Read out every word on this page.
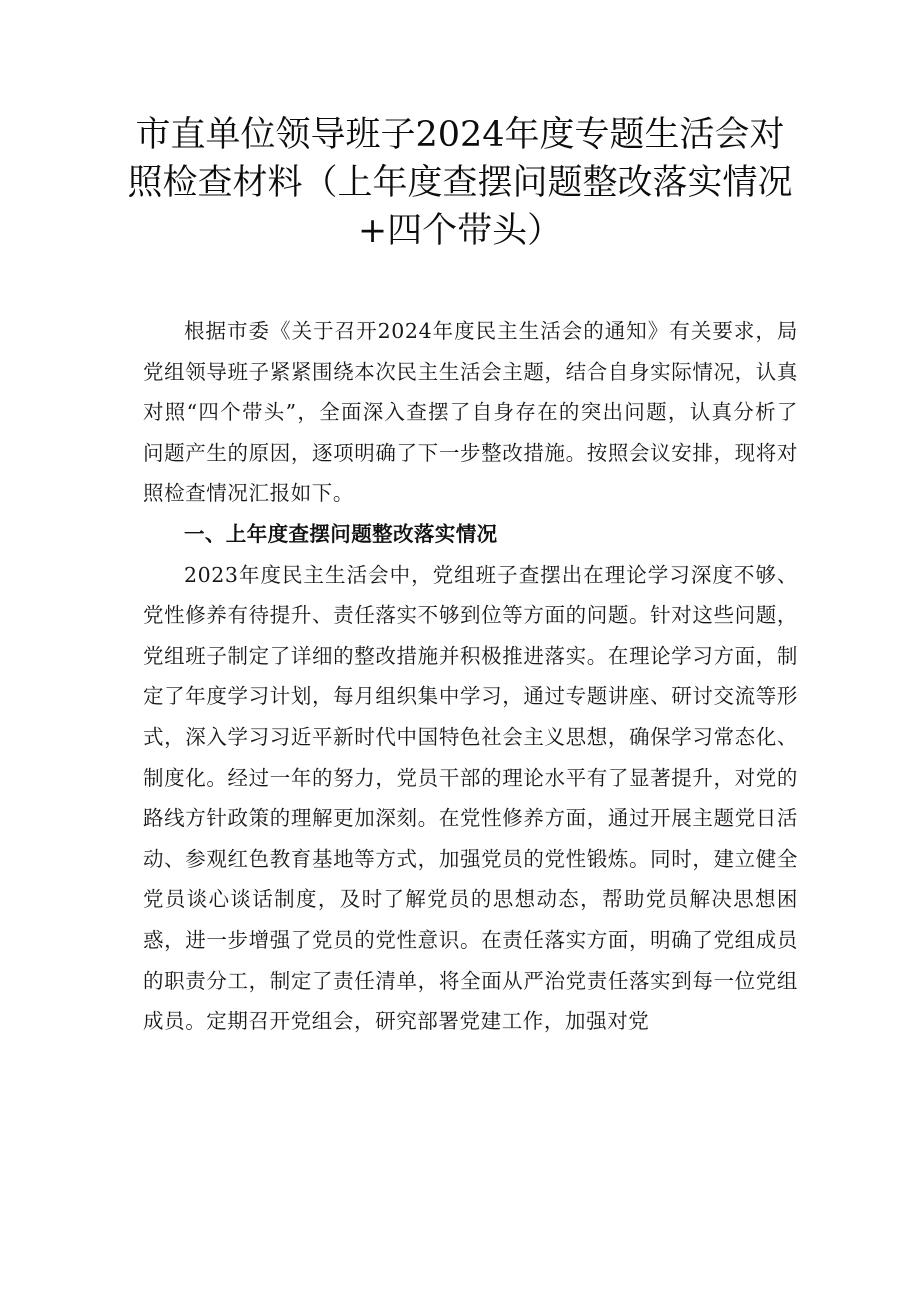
市直单位领导班子2024年度专题生活会对
照检查材料（上年度查摆问题整改落实情况
+四个带头）

根据市委《关于召开2024年度民主生活会的通知》有关要求，局党组领导班子紧紧围绕本次民主生活会主题，结合自身实际情况，认真对照“四个带头”，全面深入查摆了自身存在的突出问题，认真分析了问题产生的原因，逐项明确了下一步整改措施。按照会议安排，现将对照检查情况汇报如下。

一、上年度查摆问题整改落实情况

2023年度民主生活会中，党组班子查摆出在理论学习深度不够、党性修养有待提升、责任落实不够到位等方面的问题。针对这些问题，党组班子制定了详细的整改措施并积极推进落实。在理论学习方面，制定了年度学习计划，每月组织集中学习，通过专题讲座、研讨交流等形式，深入学习习近平新时代中国特色社会主义思想，确保学习常态化、制度化。经过一年的努力，党员干部的理论水平有了显著提升，对党的路线方针政策的理解更加深刻。在党性修养方面，通过开展主题党日活动、参观红色教育基地等方式，加强党员的党性锻炼。同时，建立健全党员谈心谈话制度，及时了解党员的思想动态，帮助党员解决思想困惑，进一步增强了党员的党性意识。在责任落实方面，明确了党组成员的职责分工，制定了责任清单，将全面从严治党责任落实到每一位党组成员。定期召开党组会，研究部署党建工作，加强对党
